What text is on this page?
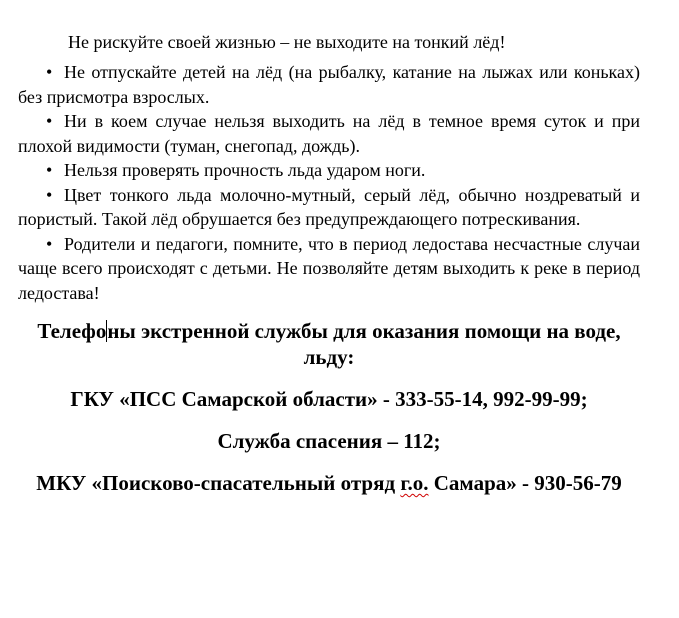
Не рискуйте своей жизнью – не выходите на тонкий лёд!

• Не отпускайте детей на лёд (на рыбалку, катание на лыжах или коньках) без присмотра взрослых.

• Ни в коем случае нельзя выходить на лёд в темное время суток и при плохой видимости (туман, снегопад, дождь).

• Нельзя проверять прочность льда ударом ноги.

• Цвет тонкого льда молочно-мутный, серый лёд, обычно ноздреватый и пористый. Такой лёд обрушается без предупреждающего потрескивания.

• Родители и педагоги, помните, что в период ледостава несчастные случаи чаще всего происходят с детьми. Не позволяйте детям выходить к реке в период ледостава!

Телефоны экстренной службы для оказания помощи на воде, льду:

ГКУ «ПСС Самарской области» - 333-55-14, 992-99-99;

Служба спасения – 112;

МКУ «Поисково-спасательный отряд г.о. Самара» - 930-56-79
